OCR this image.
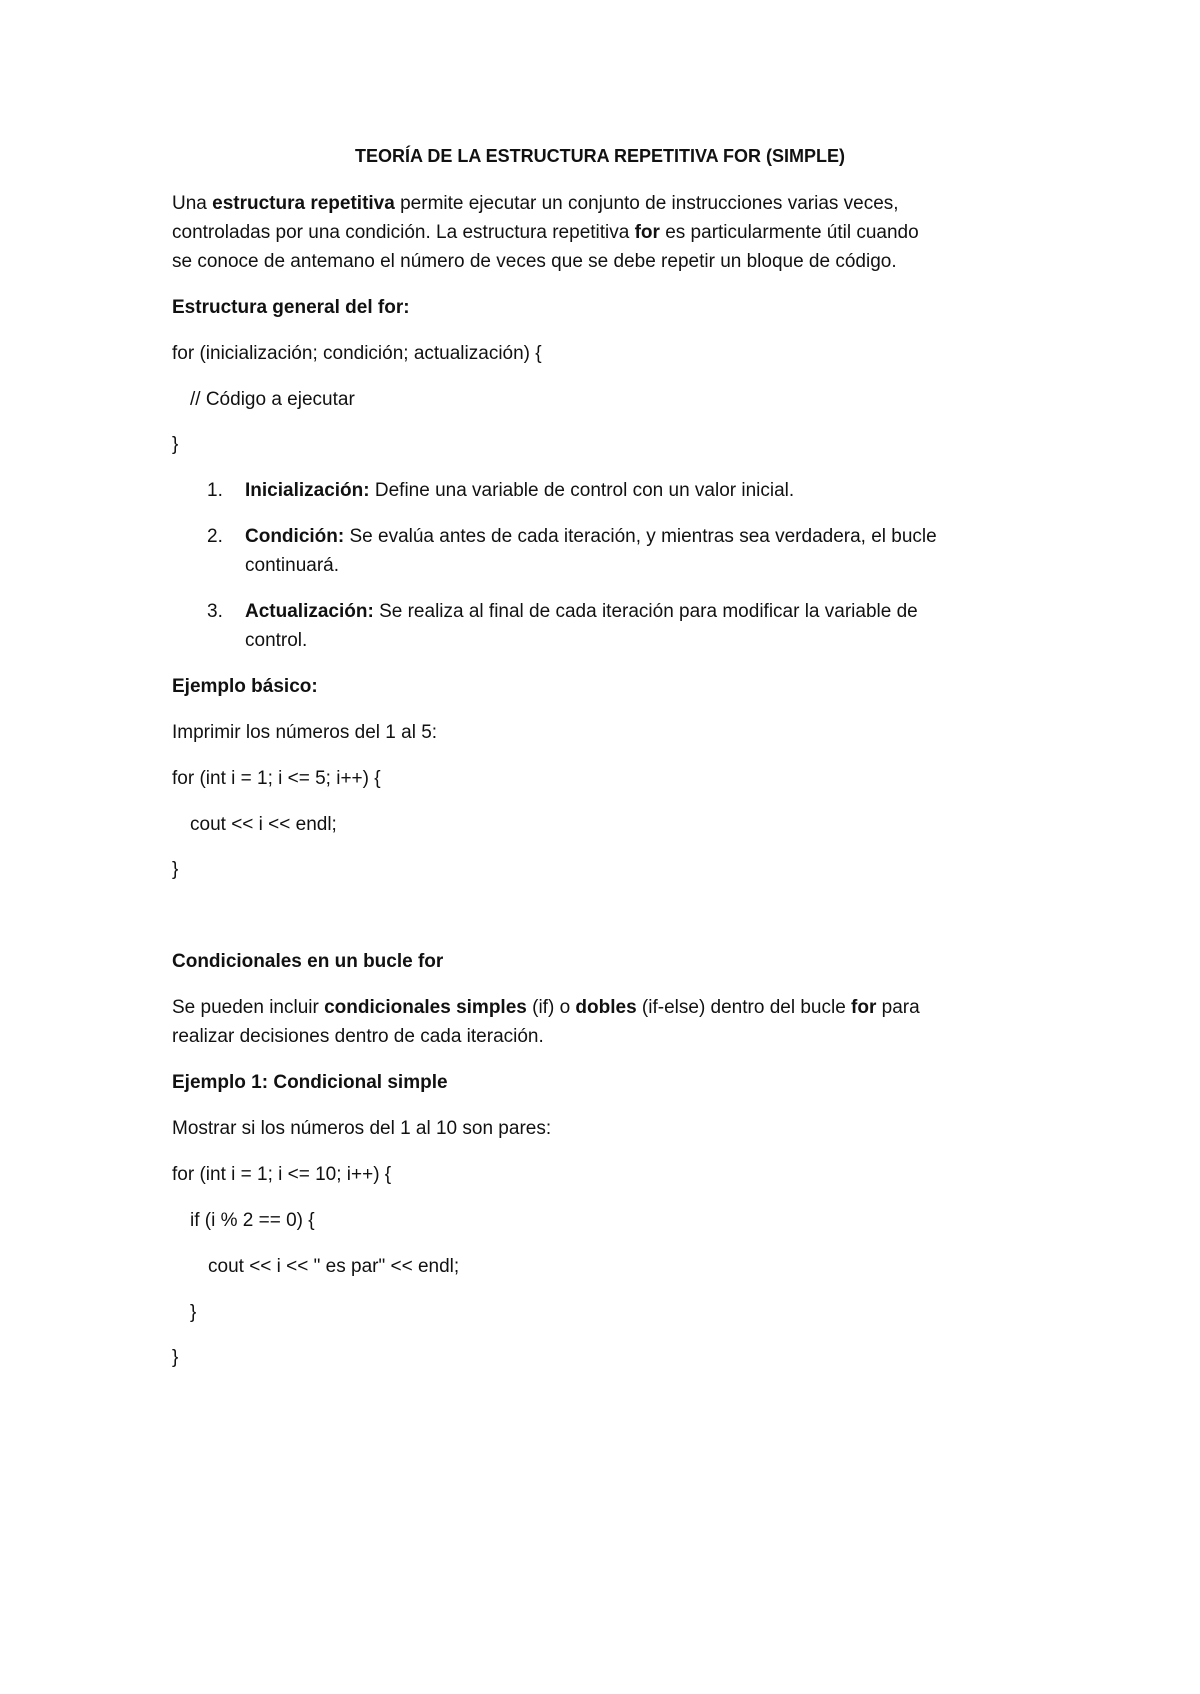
TEORÍA DE LA ESTRUCTURA REPETITIVA FOR (SIMPLE)
Una estructura repetitiva permite ejecutar un conjunto de instrucciones varias veces,
controladas por una condición. La estructura repetitiva for es particularmente útil cuando
se conoce de antemano el número de veces que se debe repetir un bloque de código.
Estructura general del for:
for (inicialización; condición; actualización) {
// Código a ejecutar
}
1. Inicialización: Define una variable de control con un valor inicial.
2. Condición: Se evalúa antes de cada iteración, y mientras sea verdadera, el bucle
continuará.
3. Actualización: Se realiza al final de cada iteración para modificar la variable de
control.
Ejemplo básico:
Imprimir los números del 1 al 5:
for (int i = 1; i <= 5; i++) {
cout << i << endl;
}
Condicionales en un bucle for
Se pueden incluir condicionales simples (if) o dobles (if-else) dentro del bucle for para
realizar decisiones dentro de cada iteración.
Ejemplo 1: Condicional simple
Mostrar si los números del 1 al 10 son pares:
for (int i = 1; i <= 10; i++) {
if (i % 2 == 0) {
cout << i << " es par" << endl;
}
}
